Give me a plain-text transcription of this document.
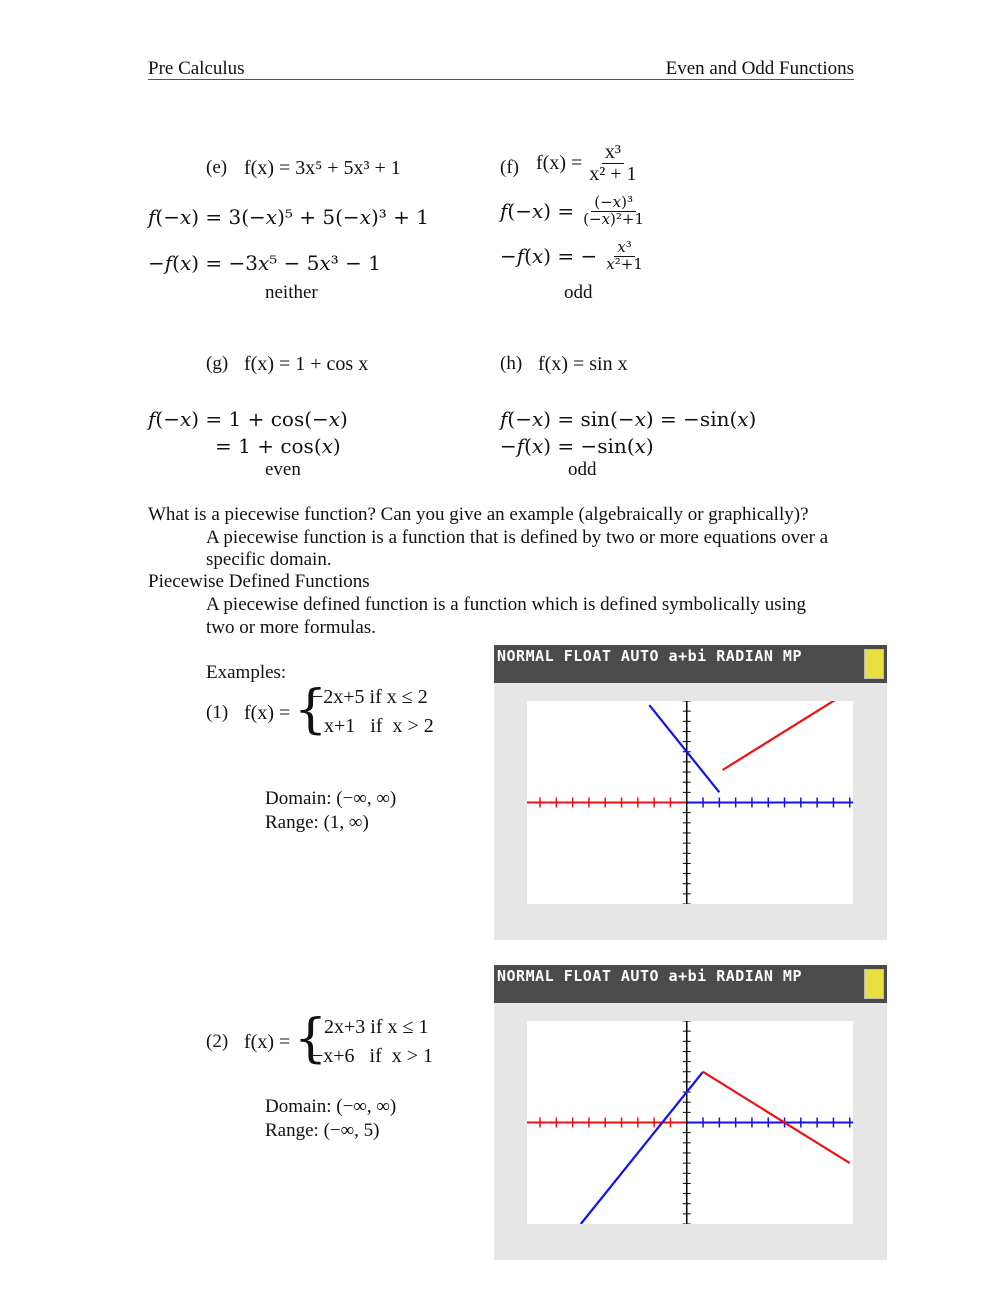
Pre Calculus	Even and Odd Functions
(e) f(x) = 3x⁵ + 5x³ + 1
𝑓(−𝑥) = 3(−𝑥)⁵ + 5(−𝑥)³ + 1
−𝑓(𝑥) = −3𝑥⁵ − 5𝑥³ − 1
neither
(f) $f(x) = \frac{\text{x³}}{\text{x² + 1}}$
𝑓(−𝑥) = $\frac{\text{(−𝑥)³}}{\text{(−𝑥)²+1}}$
−𝑓(𝑥) = − $\frac{\text{𝑥³}}{\text{𝑥²+1}}$
odd
(g) f(x) = 1 + cos x
𝑓(−𝑥) = 1 + cos(−𝑥)
= 1 + cos(𝑥)
even
(h) f(x) = sin x
𝑓(−𝑥) = sin(−𝑥) = −sin(𝑥)
−𝑓(𝑥) = −sin(𝑥)
odd
What is a piecewise function? Can you give an example (algebraically or graphically)?
A piecewise function is a function that is defined by two or more equations over a
specific domain.
Piecewise Defined Functions
A piecewise defined function is a function which is defined symbolically using
two or more formulas.
Examples:
(1) f(x) = {
−2x+5 if x ≤ 2
x+1   if  x > 2
Domain: (−∞, ∞)
Range: (1, ∞)
(2) f(x) = {
2x+3 if x ≤ 1
−x+6   if  x > 1
Domain: (−∞, ∞)
Range: (−∞, 5)
NORMAL FLOAT AUTO a+bi RADIAN MP
NORMAL FLOAT AUTO a+bi RADIAN MP
